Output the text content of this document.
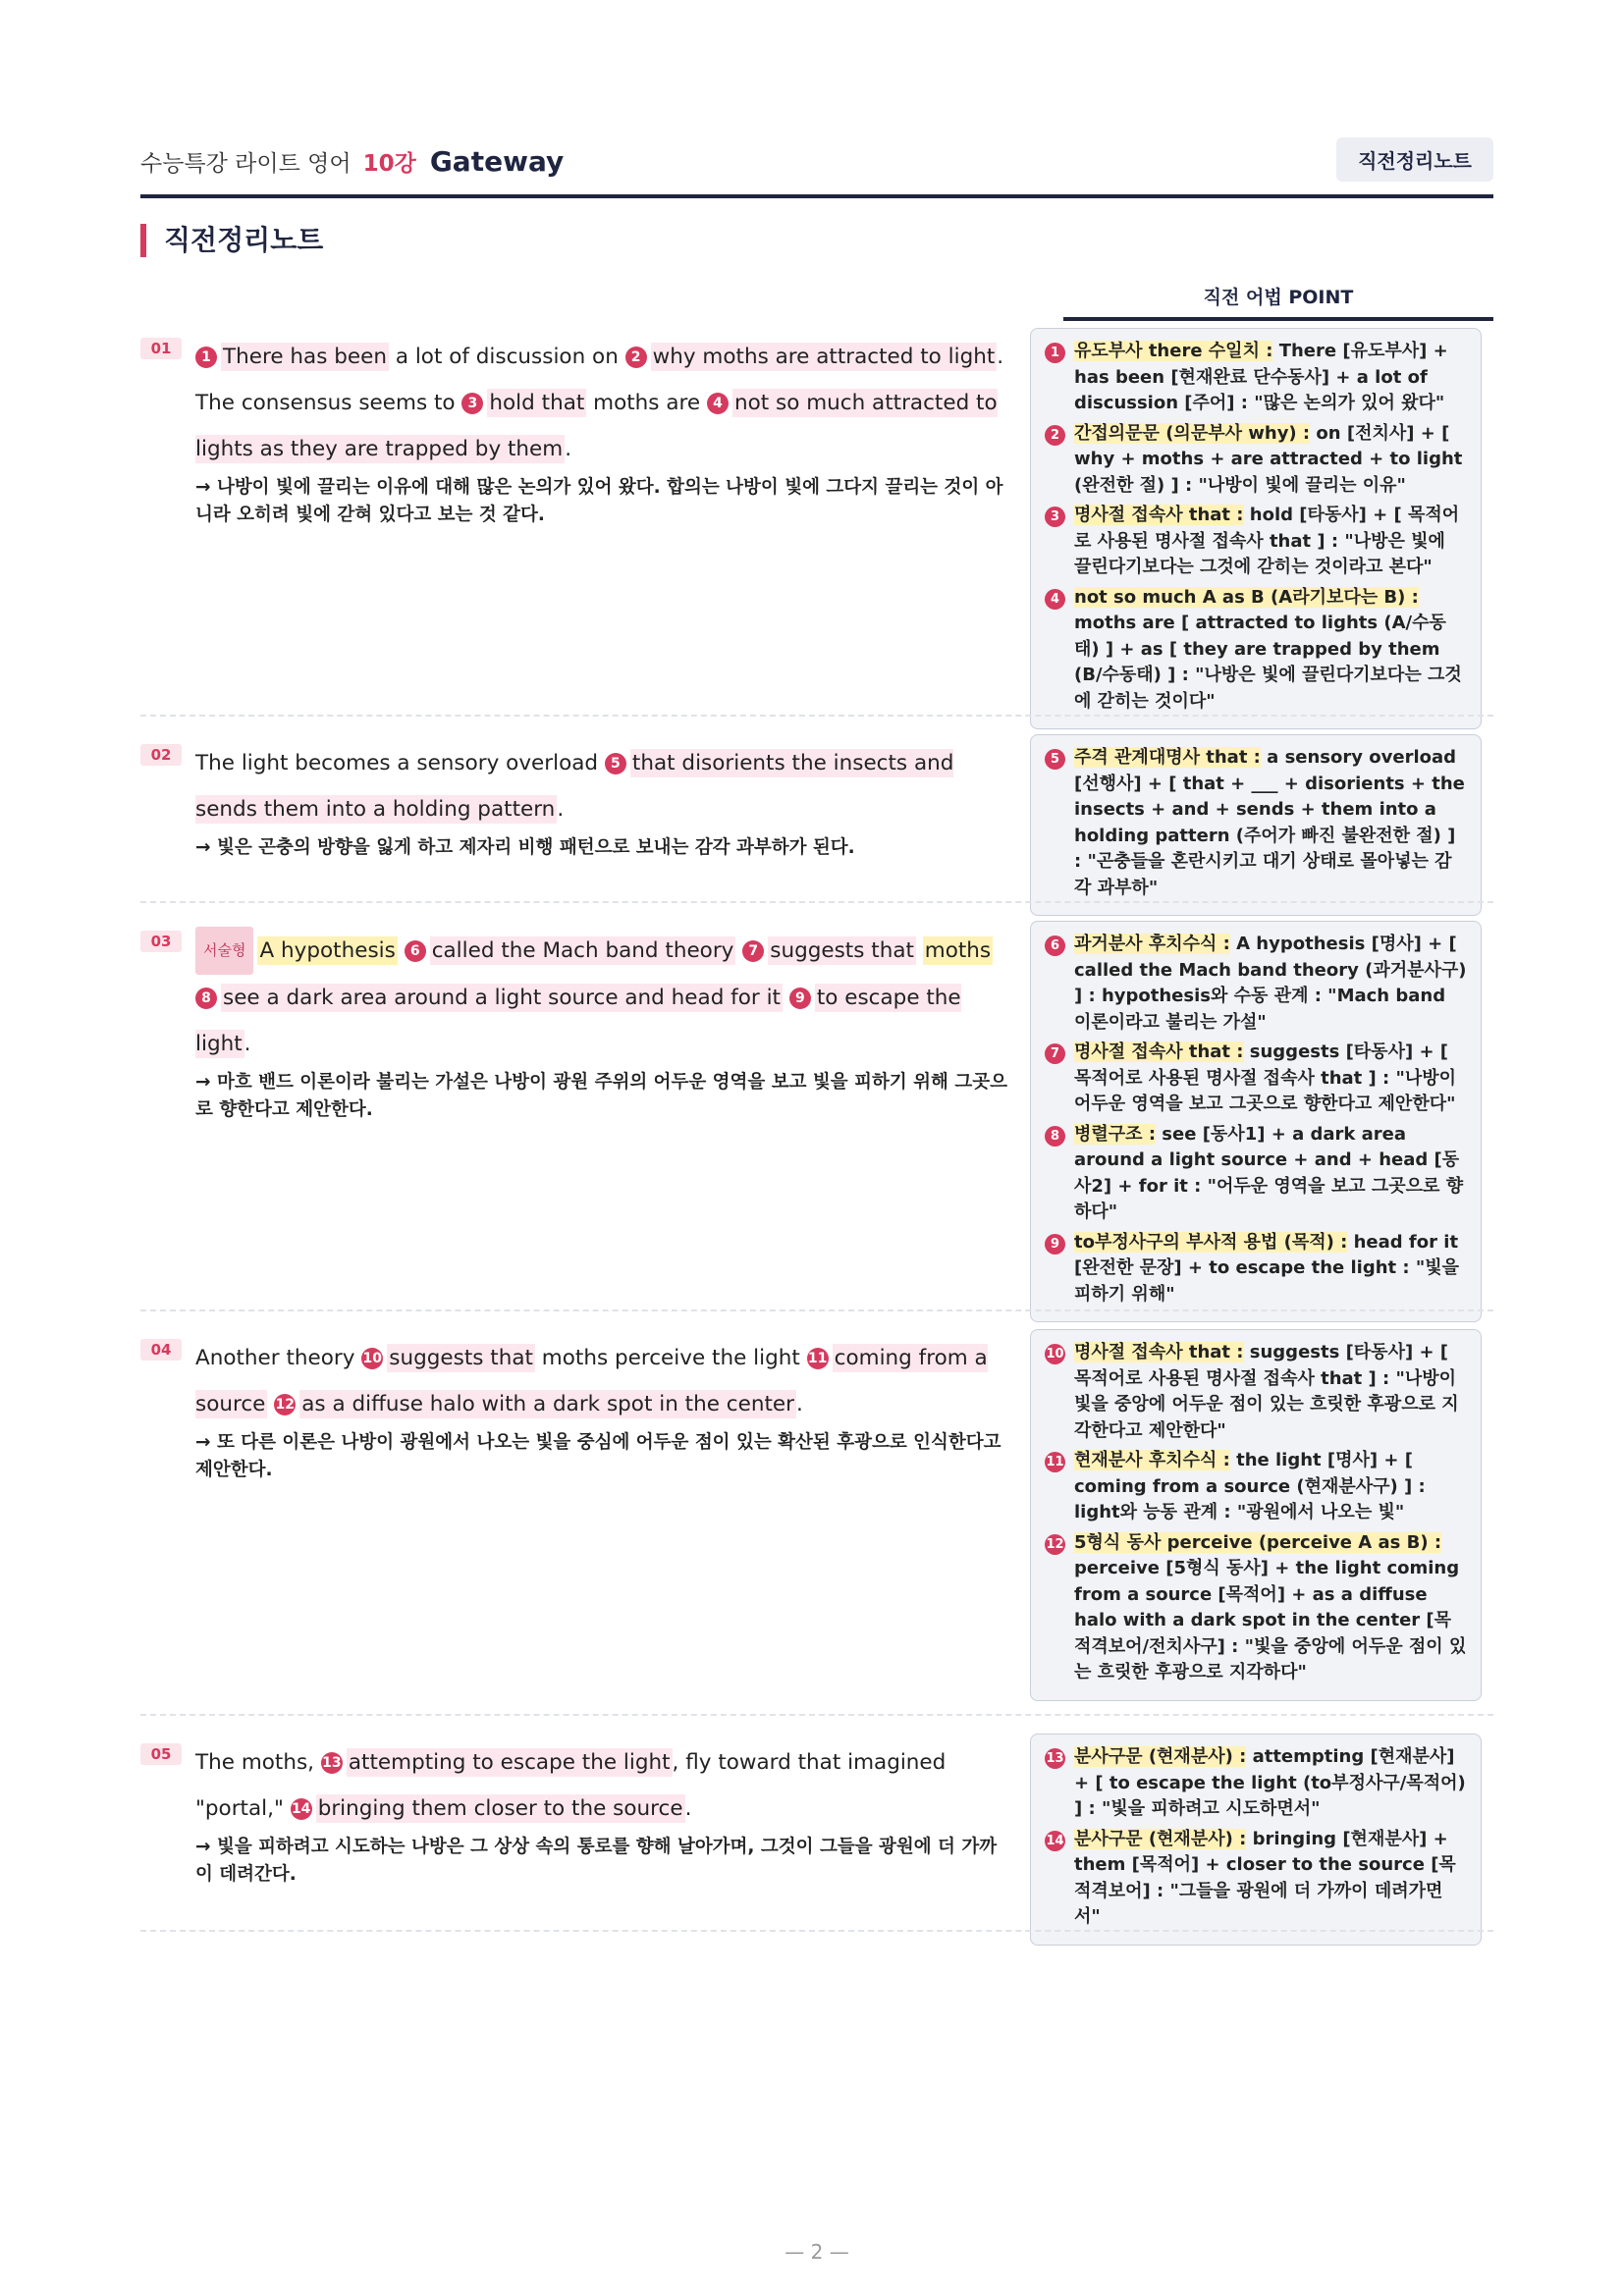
수능특강 라이트 영어 10강 Gateway	직전정리노트
직전정리노트
직전 어법 POINT
01	1 There has been a lot of discussion on 2 why moths are attracted to light. The consensus seems to 3 hold that moths are 4 not so much attracted to lights as they are trapped by them.
→ 나방이 빛에 끌리는 이유에 대해 많은 논의가 있어 왔다. 합의는 나방이 빛에 그다지 끌리는 것이 아니라 오히려 빛에 갇혀 있다고 보는 것 같다.
1 유도부사 there 수일치 : There [유도부사] + has been [현재완료 단수동사] + a lot of discussion [주어] : "많은 논의가 있어 왔다"
2 간접의문문 (의문부사 why) : on [전치사] + [ why + moths + are attracted + to light (완전한 절) ] : "나방이 빛에 끌리는 이유"
3 명사절 접속사 that : hold [타동사] + [ 목적어로 사용된 명사절 접속사 that ] : "나방은 빛에 끌린다기보다는 그것에 갇히는 것이라고 본다"
4 not so much A as B (A라기보다는 B) : moths are [ attracted to lights (A/수동태) ] + as [ they are trapped by them (B/수동태) ] : "나방은 빛에 끌린다기보다는 그것에 갇히는 것이다"
02	The light becomes a sensory overload 5 that disorients the insects and sends them into a holding pattern.
→ 빛은 곤충의 방향을 잃게 하고 제자리 비행 패턴으로 보내는 감각 과부하가 된다.
5 주격 관계대명사 that : a sensory overload [선행사] + [ that + ___ + disorients + the insects + and + sends + them into a holding pattern (주어가 빠진 불완전한 절) ] : "곤충들을 혼란시키고 대기 상태로 몰아넣는 감각 과부하"
03	서술형 A hypothesis 6 called the Mach band theory 7 suggests that moths 8 see a dark area around a light source and head for it 9 to escape the light.
→ 마흐 밴드 이론이라 불리는 가설은 나방이 광원 주위의 어두운 영역을 보고 빛을 피하기 위해 그곳으로 향한다고 제안한다.
6 과거분사 후치수식 : A hypothesis [명사] + [ called the Mach band theory (과거분사구) ] : hypothesis와 수동 관계 : "Mach band 이론이라고 불리는 가설"
7 명사절 접속사 that : suggests [타동사] + [ 목적어로 사용된 명사절 접속사 that ] : "나방이 어두운 영역을 보고 그곳으로 향한다고 제안한다"
8 병렬구조 : see [동사1] + a dark area around a light source + and + head [동사2] + for it : "어두운 영역을 보고 그곳으로 향하다"
9 to부정사구의 부사적 용법 (목적) : head for it [완전한 문장] + to escape the light : "빛을 피하기 위해"
04	Another theory 10 suggests that moths perceive the light 11 coming from a source 12 as a diffuse halo with a dark spot in the center.
→ 또 다른 이론은 나방이 광원에서 나오는 빛을 중심에 어두운 점이 있는 확산된 후광으로 인식한다고 제안한다.
10 명사절 접속사 that : suggests [타동사] + [ 목적어로 사용된 명사절 접속사 that ] : "나방이 빛을 중앙에 어두운 점이 있는 흐릿한 후광으로 지각한다고 제안한다"
11 현재분사 후치수식 : the light [명사] + [ coming from a source (현재분사구) ] : light와 능동 관계 : "광원에서 나오는 빛"
12 5형식 동사 perceive (perceive A as B) : perceive [5형식 동사] + the light coming from a source [목적어] + as a diffuse halo with a dark spot in the center [목적격보어/전치사구] : "빛을 중앙에 어두운 점이 있는 흐릿한 후광으로 지각하다"
05	The moths, 13 attempting to escape the light, fly toward that imagined "portal," 14 bringing them closer to the source.
→ 빛을 피하려고 시도하는 나방은 그 상상 속의 통로를 향해 날아가며, 그것이 그들을 광원에 더 가까이 데려간다.
13 분사구문 (현재분사) : attempting [현재분사] + [ to escape the light (to부정사구/목적어) ] : "빛을 피하려고 시도하면서"
14 분사구문 (현재분사) : bringing [현재분사] + them [목적어] + closer to the source [목적격보어] : "그들을 광원에 더 가까이 데려가면서"
— 2 —
